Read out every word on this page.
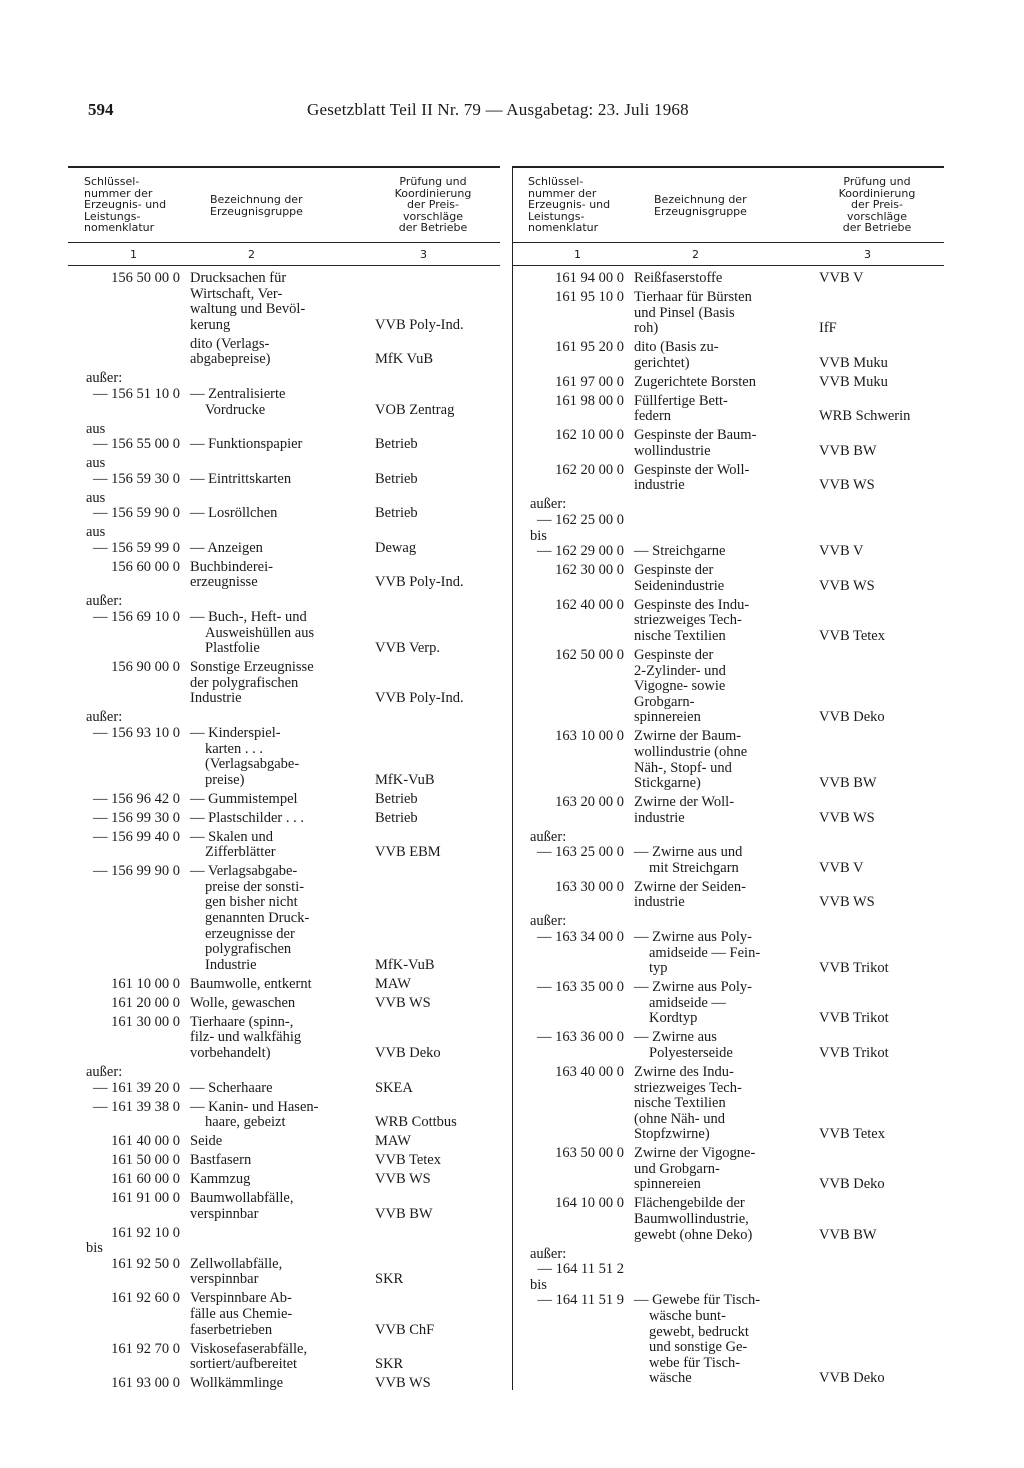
594	Gesetzblatt Teil II Nr. 79 — Ausgabetag: 23. Juli 1968
Schlüssel-
nummer der
Erzeugnis- und
Leistungs-
nomenklatur
Bezeichnung der
Erzeugnisgruppe
Prüfung und
Koordinierung
der Preis-
vorschläge
der Betriebe
1	2	3
156 50 00 0 Drucksachen für
Wirtschaft, Ver-
waltung und Bevöl-
kerung	VVB Poly-Ind.

dito (Verlags-
abgabepreise)	MfK VuB
außer:
— 156 51 10 0
— Zentralisierte
Vordrucke	VOB Zentrag
aus
— 156 55 00 0
— Funktionspapier	Betrieb
aus
— 156 59 30 0
— Eintrittskarten	Betrieb
aus
— 156 59 90 0
— Losröllchen	Betrieb
aus
— 156 59 99 0
— Anzeigen	Dewag
156 60 00 0 Buchbinderei-
erzeugnisse	VVB Poly-Ind.
außer:
— 156 69 10 0
— Buch-, Heft- und
Ausweishüllen aus
Plastfolie	VVB Verp.
156 90 00 0 Sonstige Erzeugnisse
der polygrafischen
Industrie	VVB Poly-Ind.
außer:
— 156 93 10 0
— Kinderspiel-
karten . . .
(Verlagsabgabe-
preise)	MfK-VuB
— 156 96 42 0 — Gummistempel	Betrieb
— 156 99 30 0 — Plastschilder . . .	Betrieb
— 156 99 40 0 — Skalen und
Zifferblätter	VVB EBM
— 156 99 90 0 — Verlagsabgabe-
preise der sonsti-
gen bisher nicht
genannten Druck-
erzeugnisse der
polygrafischen
Industrie	MfK-VuB
161 10 00 0 Baumwolle, entkernt	MAW
161 20 00 0 Wolle, gewaschen	VVB WS
161 30 00 0 Tierhaare (spinn-,
filz- und walkfähig
vorbehandelt)	VVB Deko
außer:
— 161 39 20 0
— Scherhaare	SKEA
— 161 39 38 0 — Kanin- und Hasen-
haare, gebeizt	WRB Cottbus
161 40 00 0 Seide	MAW
161 50 00 0 Bastfasern	VVB Tetex
161 60 00 0 Kammzug	VVB WS
161 91 00 0 Baumwollabfälle,
verspinnbar	VVB BW
161 92 10 0
bis
161 92 50 0

Zellwollabfälle,
verspinnbar	SKR
161 92 60 0 Verspinnbare Ab-
fälle aus Chemie-
faserbetrieben	VVB ChF
161 92 70 0 Viskosefaserabfälle,
sortiert/aufbereitet	SKR
161 93 00 0 Wollkämmlinge	VVB WS
Schlüssel-
nummer der
Erzeugnis- und
Leistungs-
nomenklatur
Bezeichnung der
Erzeugnisgruppe
Prüfung und
Koordinierung
der Preis-
vorschläge
der Betriebe
1	2	3
161 94 00 0 Reißfaserstoffe	VVB V
161 95 10 0 Tierhaar für Bürsten
und Pinsel (Basis
roh)	IfF
161 95 20 0 dito (Basis zu-
gerichtet)	VVB Muku
161 97 00 0 Zugerichtete Borsten	VVB Muku
161 98 00 0 Füllfertige Bett-
federn	WRB Schwerin
162 10 00 0 Gespinste der Baum-
wollindustrie	VVB BW
162 20 00 0 Gespinste der Woll-
industrie	VVB WS
außer:
— 162 25 00 0
bis
— 162 29 00 0

— Streichgarne	VVB V
162 30 00 0 Gespinste der
Seidenindustrie	VVB WS
162 40 00 0 Gespinste des Indu-
striezweiges Tech-
nische Textilien	VVB Tetex
162 50 00 0 Gespinste der
2-Zylinder- und
Vigogne- sowie
Grobgarn-
spinnereien	VVB Deko
163 10 00 0 Zwirne der Baum-
wollindustrie (ohne
Näh-, Stopf- und
Stickgarne)	VVB BW
163 20 00 0 Zwirne der Woll-
industrie	VVB WS
außer:
— 163 25 00 0
— Zwirne aus und
mit Streichgarn	VVB V
163 30 00 0 Zwirne der Seiden-
industrie	VVB WS
außer:
— 163 34 00 0
— Zwirne aus Poly-
amidseide — Fein-
typ	VVB Trikot
— 163 35 00 0 — Zwirne aus Poly-
amidseide —
Kordtyp	VVB Trikot
— 163 36 00 0 — Zwirne aus
Polyesterseide	VVB Trikot
163 40 00 0 Zwirne des Indu-
striezweiges Tech-
nische Textilien
(ohne Näh- und
Stopfzwirne)	VVB Tetex
163 50 00 0 Zwirne der Vigogne-
und Grobgarn-
spinnereien	VVB Deko
164 10 00 0 Flächengebilde der
Baumwollindustrie,
gewebt (ohne Deko)	VVB BW
außer:
— 164 11 51 2
bis
— 164 11 51 9

— Gewebe für Tisch-
wäsche bunt-
gewebt, bedruckt
und sonstige Ge-
webe für Tisch-
wäsche	VVB Deko
